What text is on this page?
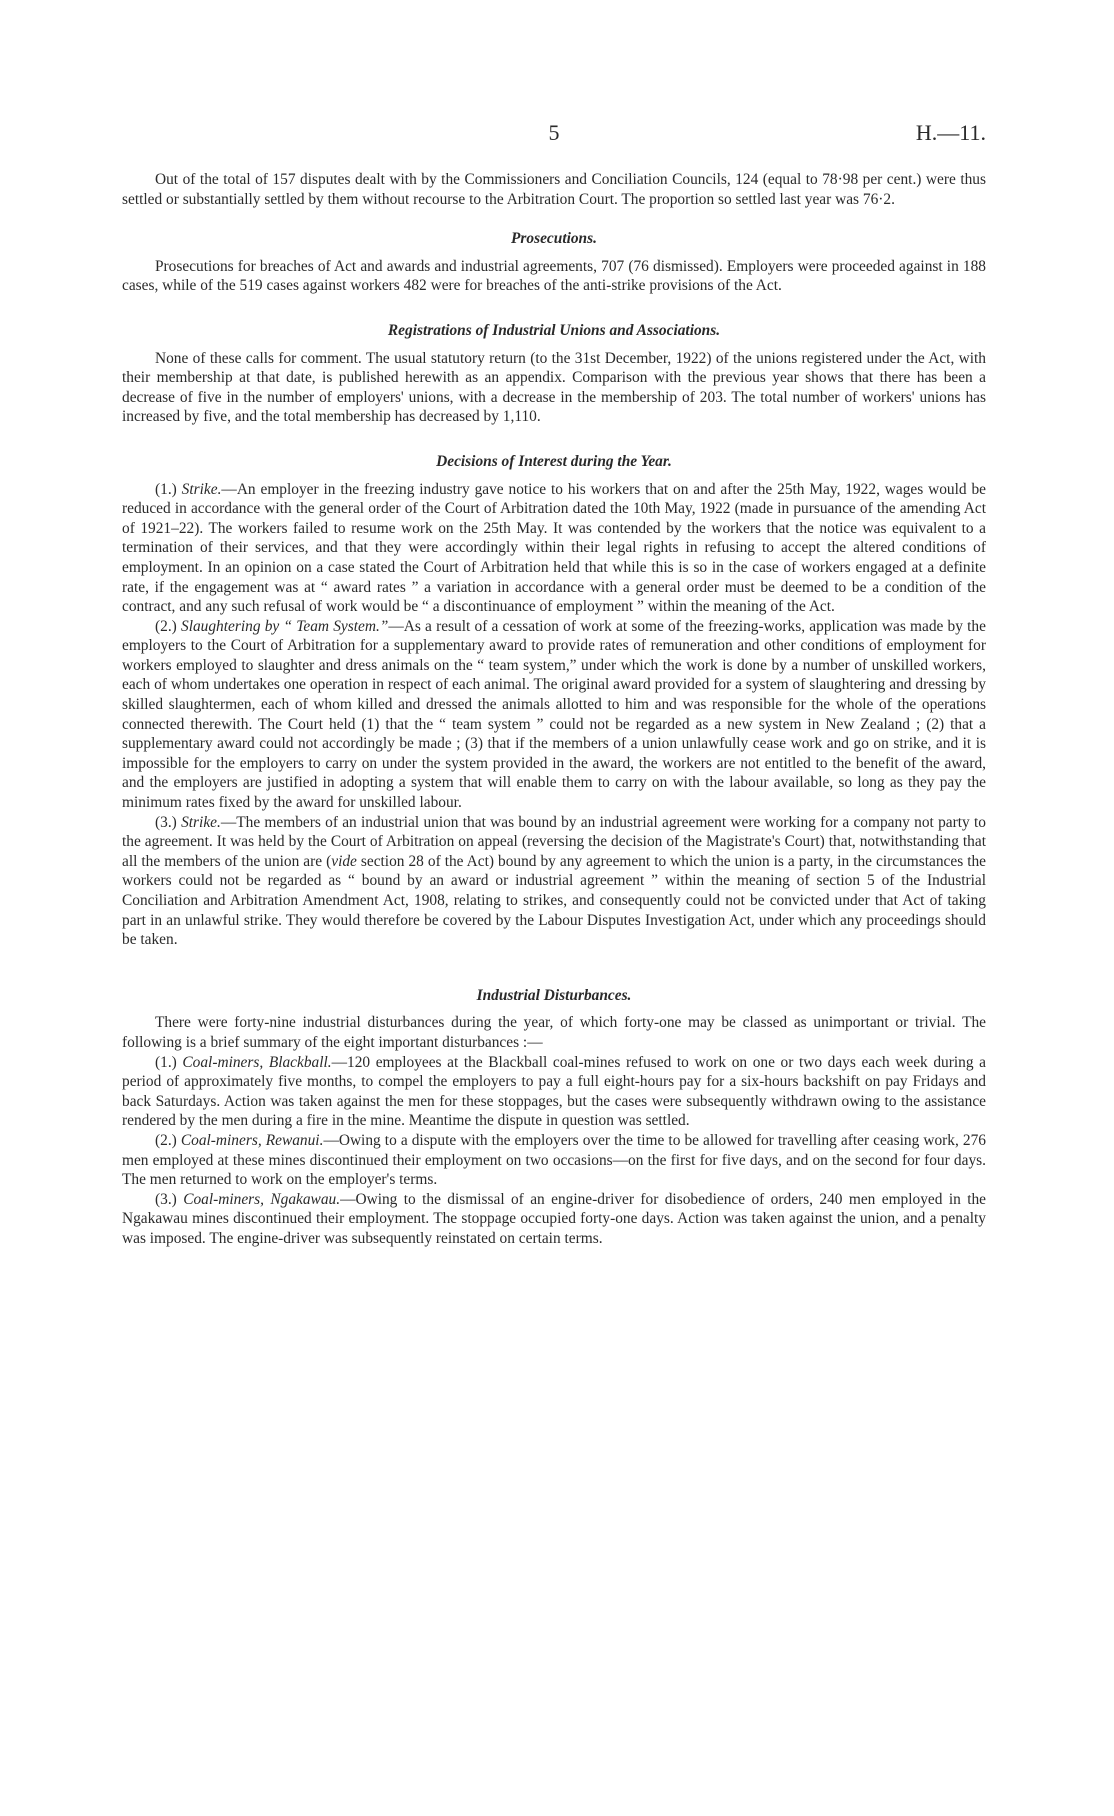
5	H.—11.

Out of the total of 157 disputes dealt with by the Commissioners and Conciliation Councils, 124 (equal to 78·98 per cent.) were thus settled or substantially settled by them without recourse to the Arbitration Court. The proportion so settled last year was 76·2.

Prosecutions.

Prosecutions for breaches of Act and awards and industrial agreements, 707 (76 dismissed). Employers were proceeded against in 188 cases, while of the 519 cases against workers 482 were for breaches of the anti-strike provisions of the Act.

Registrations of Industrial Unions and Associations.

None of these calls for comment. The usual statutory return (to the 31st December, 1922) of the unions registered under the Act, with their membership at that date, is published herewith as an appendix. Comparison with the previous year shows that there has been a decrease of five in the number of employers' unions, with a decrease in the membership of 203. The total number of workers' unions has increased by five, and the total membership has decreased by 1,110.

Decisions of Interest during the Year.

(1.) Strike.—An employer in the freezing industry gave notice to his workers that on and after the 25th May, 1922, wages would be reduced in accordance with the general order of the Court of Arbitration dated the 10th May, 1922 (made in pursuance of the amending Act of 1921–22). The workers failed to resume work on the 25th May. It was contended by the workers that the notice was equivalent to a termination of their services, and that they were accordingly within their legal rights in refusing to accept the altered conditions of employment. In an opinion on a case stated the Court of Arbitration held that while this is so in the case of workers engaged at a definite rate, if the engagement was at “ award rates ” a variation in accordance with a general order must be deemed to be a condition of the contract, and any such refusal of work would be “ a discontinuance of employment ” within the meaning of the Act.

(2.) Slaughtering by “ Team System.”—As a result of a cessation of work at some of the freezing-works, application was made by the employers to the Court of Arbitration for a supplementary award to provide rates of remuneration and other conditions of employment for workers employed to slaughter and dress animals on the “ team system,” under which the work is done by a number of unskilled workers, each of whom undertakes one operation in respect of each animal. The original award provided for a system of slaughtering and dressing by skilled slaughtermen, each of whom killed and dressed the animals allotted to him and was responsible for the whole of the operations connected therewith. The Court held (1) that the “ team system ” could not be regarded as a new system in New Zealand ; (2) that a supplementary award could not accordingly be made ; (3) that if the members of a union unlawfully cease work and go on strike, and it is impossible for the employers to carry on under the system provided in the award, the workers are not entitled to the benefit of the award, and the employers are justified in adopting a system that will enable them to carry on with the labour available, so long as they pay the minimum rates fixed by the award for unskilled labour.

(3.) Strike.—The members of an industrial union that was bound by an industrial agreement were working for a company not party to the agreement. It was held by the Court of Arbitration on appeal (reversing the decision of the Magistrate's Court) that, notwithstanding that all the members of the union are (vide section 28 of the Act) bound by any agreement to which the union is a party, in the circumstances the workers could not be regarded as “ bound by an award or industrial agreement ” within the meaning of section 5 of the Industrial Conciliation and Arbitration Amendment Act, 1908, relating to strikes, and consequently could not be convicted under that Act of taking part in an unlawful strike. They would therefore be covered by the Labour Disputes Investigation Act, under which any proceedings should be taken.

Industrial Disturbances.

There were forty-nine industrial disturbances during the year, of which forty-one may be classed as unimportant or trivial. The following is a brief summary of the eight important disturbances :—

(1.) Coal-miners, Blackball.—120 employees at the Blackball coal-mines refused to work on one or two days each week during a period of approximately five months, to compel the employers to pay a full eight-hours pay for a six-hours backshift on pay Fridays and back Saturdays. Action was taken against the men for these stoppages, but the cases were subsequently withdrawn owing to the assistance rendered by the men during a fire in the mine. Meantime the dispute in question was settled.

(2.) Coal-miners, Rewanui.—Owing to a dispute with the employers over the time to be allowed for travelling after ceasing work, 276 men employed at these mines discontinued their employment on two occasions—on the first for five days, and on the second for four days. The men returned to work on the employer's terms.

(3.) Coal-miners, Ngakawau.—Owing to the dismissal of an engine-driver for disobedience of orders, 240 men employed in the Ngakawau mines discontinued their employment. The stoppage occupied forty-one days. Action was taken against the union, and a penalty was imposed. The engine-driver was subsequently reinstated on certain terms.
